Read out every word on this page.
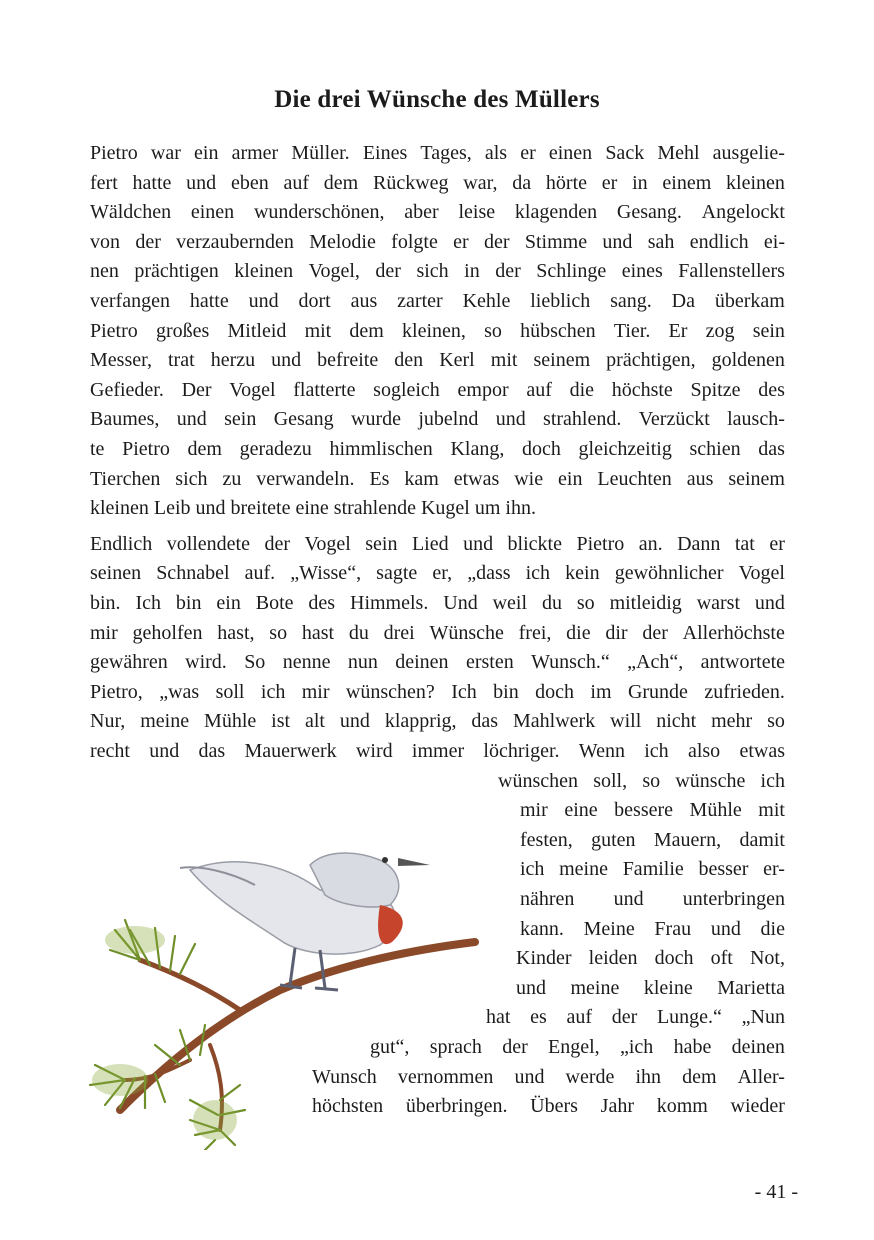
Die drei Wünsche des Müllers
Pietro war ein armer Müller. Eines Tages, als er einen Sack Mehl ausgelie-
fert hatte und eben auf dem Rückweg war, da hörte er in einem kleinen
Wäldchen einen wunderschönen, aber leise klagenden Gesang. Angelockt
von der verzaubernden Melodie folgte er der Stimme und sah endlich ei-
nen prächtigen kleinen Vogel, der sich in der Schlinge eines Fallenstellers
verfangen hatte und dort aus zarter Kehle lieblich sang. Da überkam
Pietro großes Mitleid mit dem kleinen, so hübschen Tier. Er zog sein
Messer, trat herzu und befreite den Kerl mit seinem prächtigen, goldenen
Gefieder. Der Vogel flatterte sogleich empor auf die höchste Spitze des
Baumes, und sein Gesang wurde jubelnd und strahlend. Verzückt lausch-
te Pietro dem geradezu himmlischen Klang, doch gleichzeitig schien das
Tierchen sich zu verwandeln. Es kam etwas wie ein Leuchten aus seinem
kleinen Leib und breitete eine strahlende Kugel um ihn.
Endlich vollendete der Vogel sein Lied und blickte Pietro an. Dann tat er
seinen Schnabel auf. „Wisse“, sagte er, „dass ich kein gewöhnlicher Vogel
bin. Ich bin ein Bote des Himmels. Und weil du so mitleidig warst und
mir geholfen hast, so hast du drei Wünsche frei, die dir der Allerhöchste
gewähren wird. So nenne nun deinen ersten Wunsch.“ „Ach“, antwortete
Pietro, „was soll ich mir wünschen? Ich bin doch im Grunde zufrieden.
Nur, meine Mühle ist alt und klapprig, das Mahlwerk will nicht mehr so
recht und das Mauerwerk wird immer löchriger. Wenn ich also etwas
wünschen soll, so wünsche ich
mir eine bessere Mühle mit
festen, guten Mauern, damit
ich meine Familie besser er-
nähren und unterbringen
kann. Meine Frau und die
Kinder leiden doch oft Not,
und meine kleine Marietta
hat es auf der Lunge.“ „Nun
gut“, sprach der Engel, „ich habe deinen
Wunsch vernommen und werde ihn dem Aller-
höchsten überbringen. Übers Jahr komm wieder
- 41 -
